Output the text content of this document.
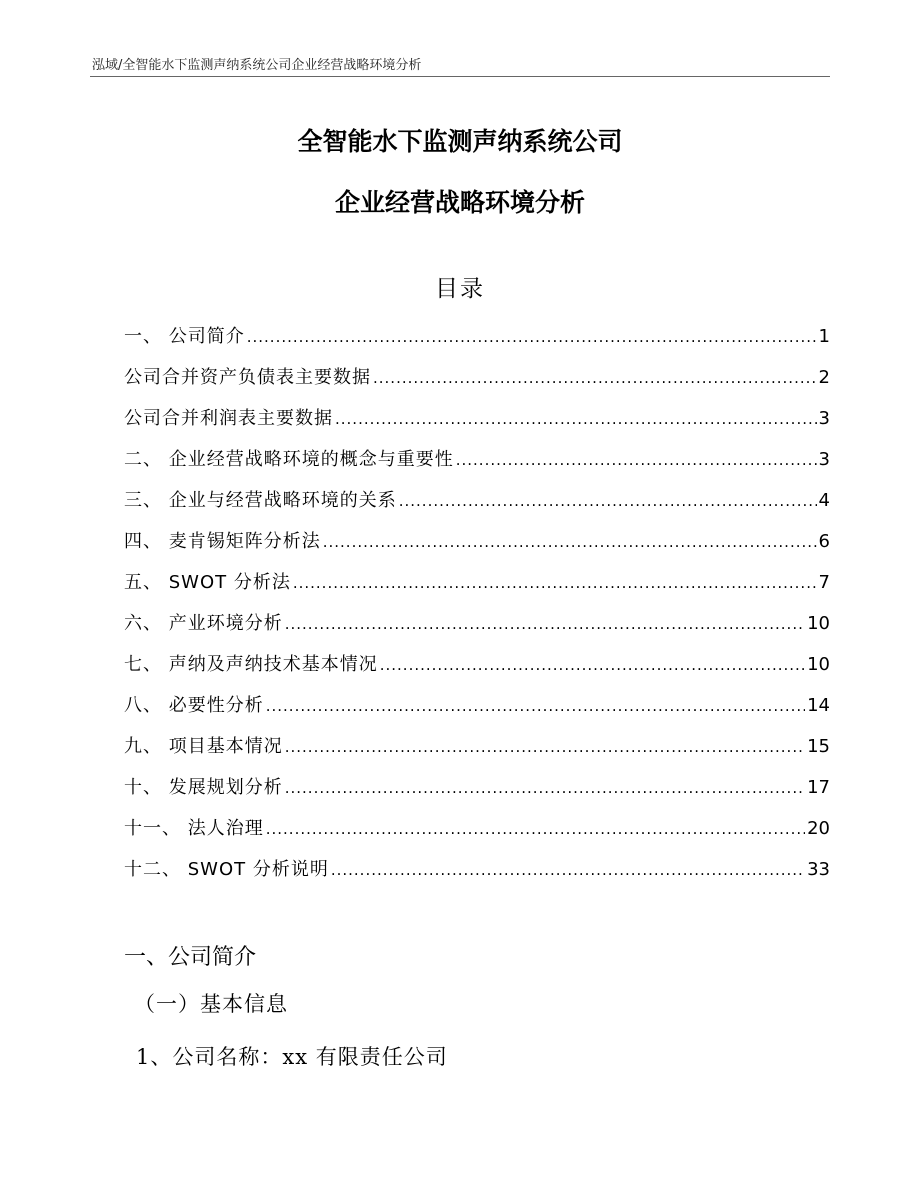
泓域/全智能水下监测声纳系统公司企业经营战略环境分析
全智能水下监测声纳系统公司
企业经营战略环境分析
目录
一、 公司简介 .....	1
公司合并资产负债表主要数据 .....	2
公司合并利润表主要数据 .....	3
二、 企业经营战略环境的概念与重要性 .....	3
三、 企业与经营战略环境的关系 .....	4
四、 麦肯锡矩阵分析法 .....	6
五、 SWOT 分析法 .....	7
六、 产业环境分析 .....	10
七、 声纳及声纳技术基本情况 .....	10
八、 必要性分析 .....	14
九、 项目基本情况 .....	15
十、 发展规划分析 .....	17
十一、 法人治理 .....	20
十二、 SWOT 分析说明 .....	33
一、公司简介
（一）基本信息
1、公司名称：xx 有限责任公司
